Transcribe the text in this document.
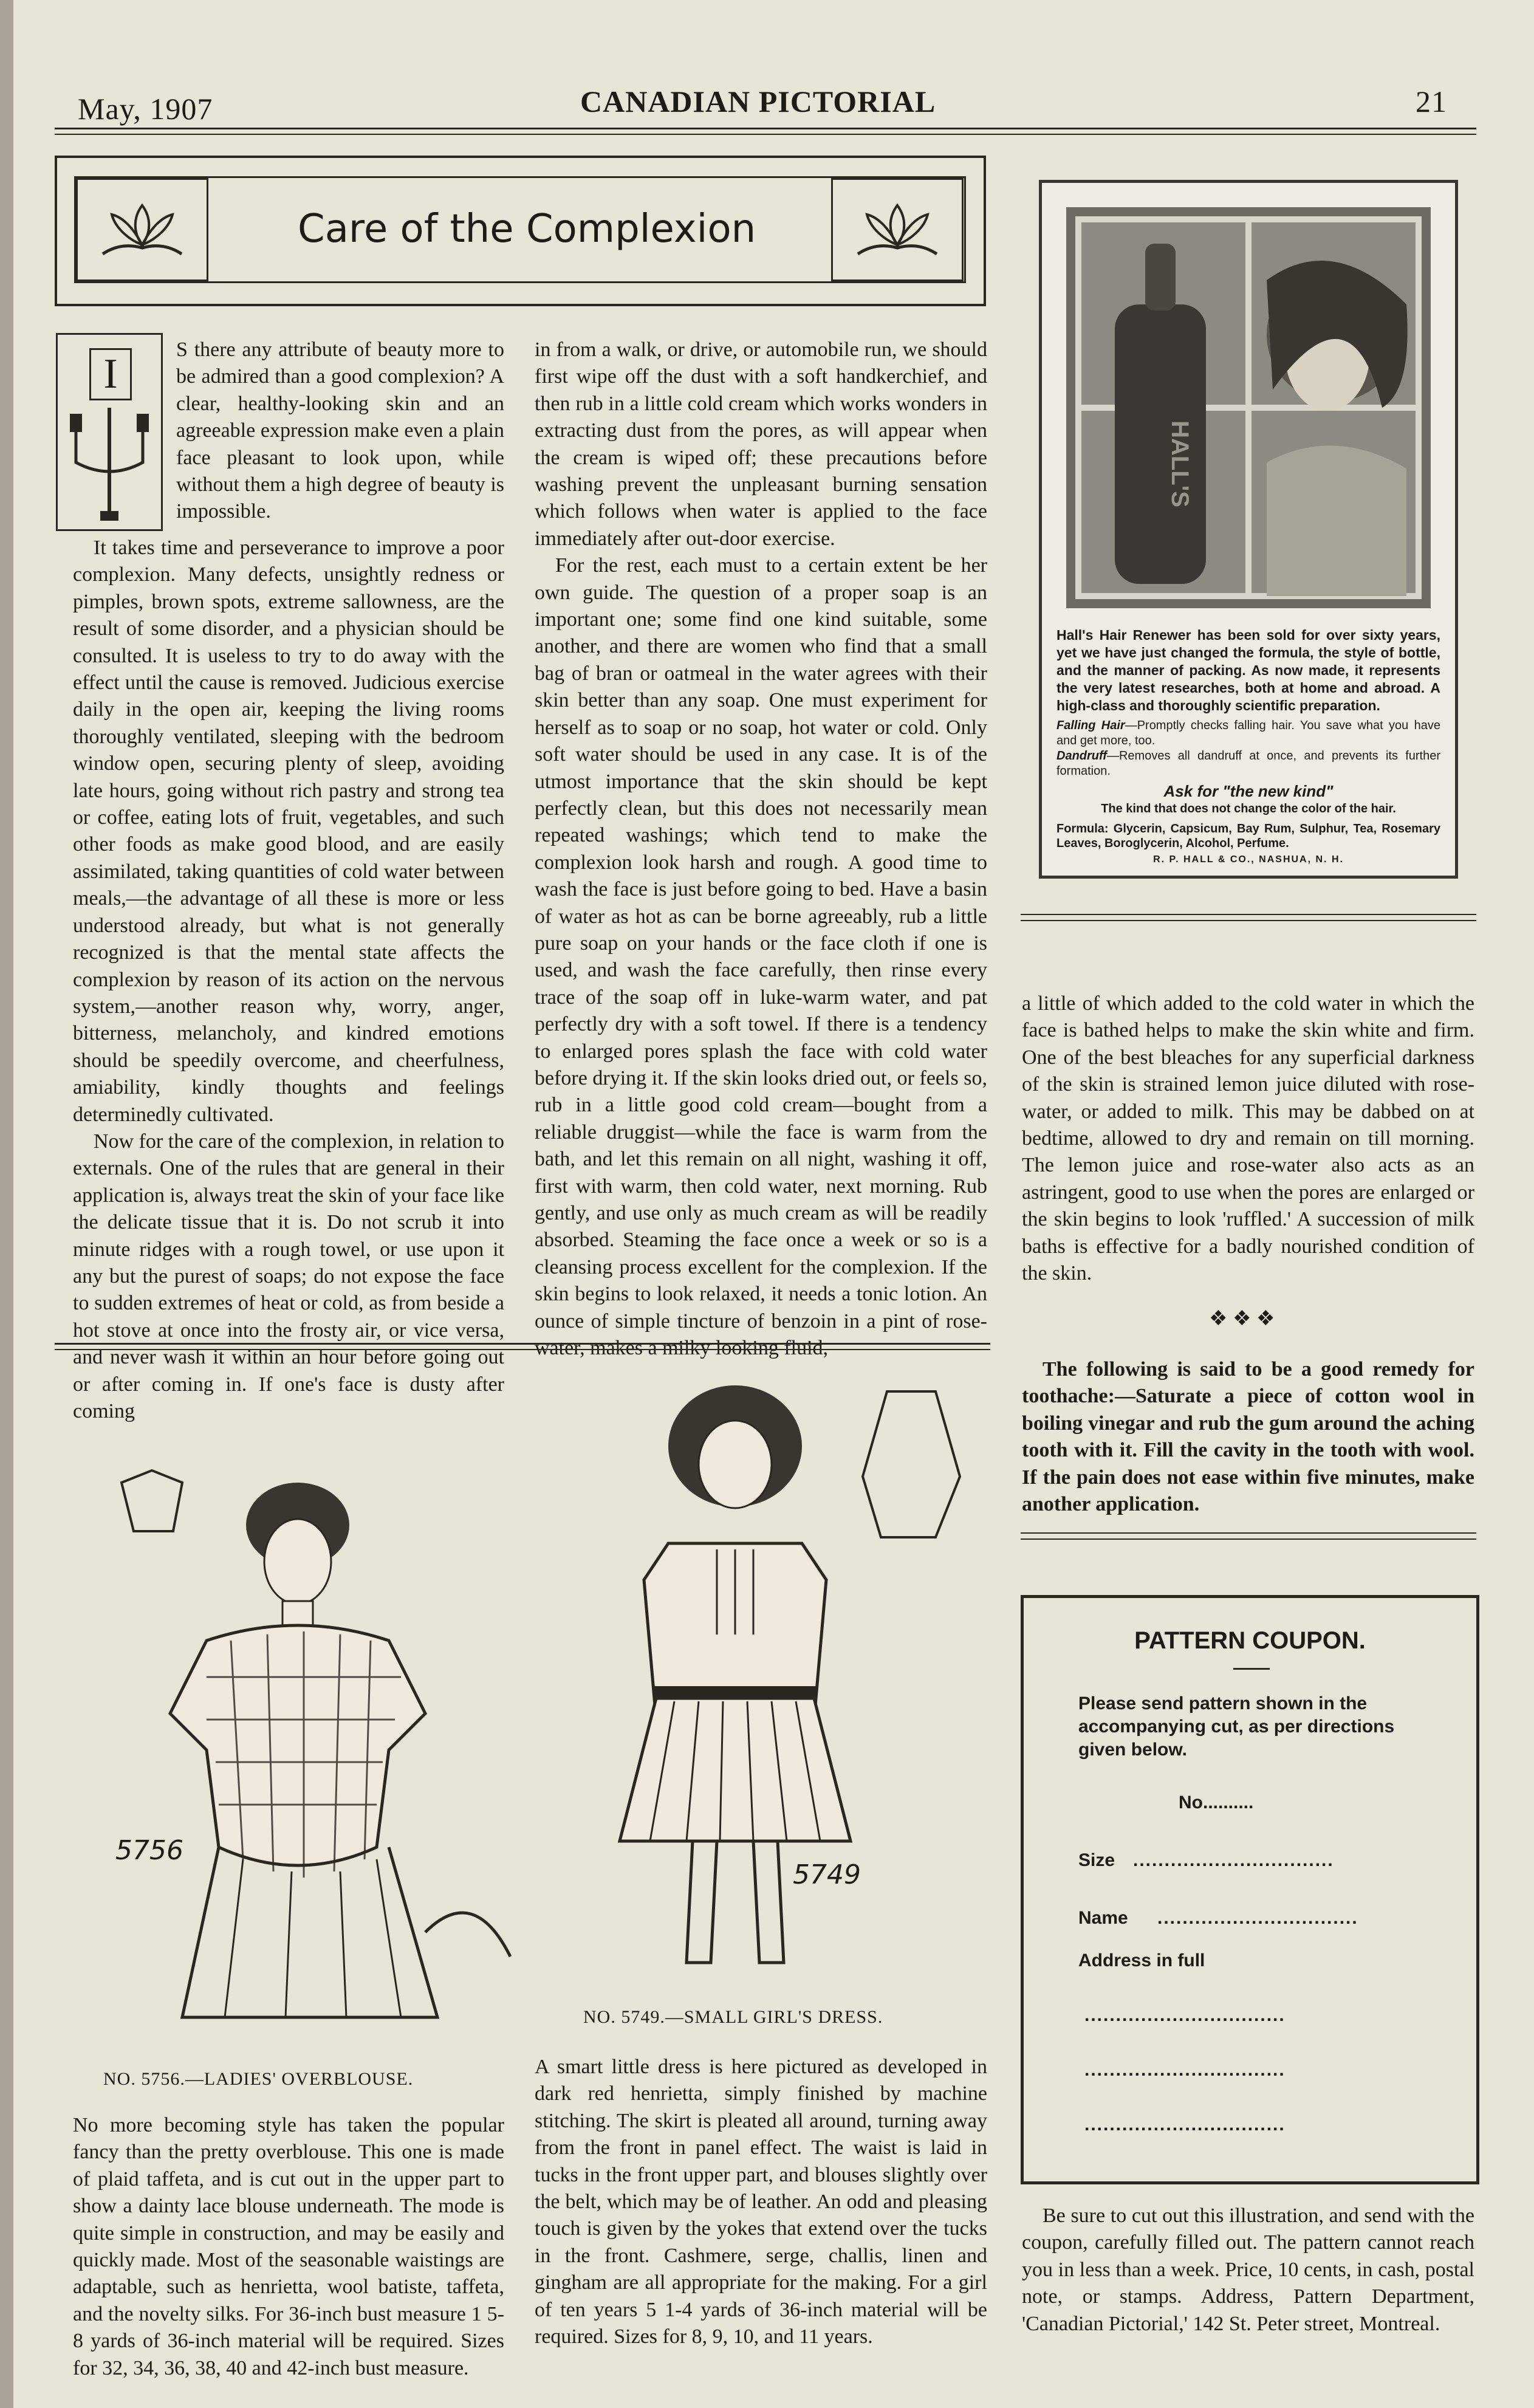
May, 1907	CANADIAN PICTORIAL	21
Care of the Complexion
I

S there any attribute of beauty more to be admired than a good complexion? A clear, healthy-looking skin and an agreeable expression make even a plain face pleasant to look upon, while without them a high degree of beauty is impossible.

It takes time and perseverance to improve a poor complexion. Many defects, unsightly redness or pimples, brown spots, extreme sallowness, are the result of some disorder, and a physician should be consulted. It is useless to try to do away with the effect until the cause is removed. Judicious exercise daily in the open air, keeping the living rooms thoroughly ventilated, sleeping with the bedroom window open, securing plenty of sleep, avoiding late hours, going without rich pastry and strong tea or coffee, eating lots of fruit, vegetables, and such other foods as make good blood, and are easily assimilated, taking quantities of cold water between meals,—the advantage of all these is more or less understood already, but what is not generally recognized is that the mental state affects the complexion by reason of its action on the nervous system,—another reason why, worry, anger, bitterness, melancholy, and kindred emotions should be speedily overcome, and cheerfulness, amiability, kindly thoughts and feelings determinedly cultivated.

Now for the care of the complexion, in relation to externals. One of the rules that are general in their application is, always treat the skin of your face like the delicate tissue that it is. Do not scrub it into minute ridges with a rough towel, or use upon it any but the purest of soaps; do not expose the face to sudden extremes of heat or cold, as from beside a hot stove at once into the frosty air, or vice versa, and never wash it within an hour before going out or after coming in. If one's face is dusty after coming

in from a walk, or drive, or automobile run, we should first wipe off the dust with a soft handkerchief, and then rub in a little cold cream which works wonders in extracting dust from the pores, as will appear when the cream is wiped off; these precautions before washing prevent the unpleasant burning sensation which follows when water is applied to the face immediately after out-door exercise.

For the rest, each must to a certain extent be her own guide. The question of a proper soap is an important one; some find one kind suitable, some another, and there are women who find that a small bag of bran or oatmeal in the water agrees with their skin better than any soap. One must experiment for herself as to soap or no soap, hot water or cold. Only soft water should be used in any case. It is of the utmost importance that the skin should be kept perfectly clean, but this does not necessarily mean repeated washings; which tend to make the complexion look harsh and rough. A good time to wash the face is just before going to bed. Have a basin of water as hot as can be borne agreeably, rub a little pure soap on your hands or the face cloth if one is used, and wash the face carefully, then rinse every trace of the soap off in luke-warm water, and pat perfectly dry with a soft towel. If there is a tendency to enlarged pores splash the face with cold water before drying it. If the skin looks dried out, or feels so, rub in a little good cold cream—bought from a reliable druggist—while the face is warm from the bath, and let this remain on all night, washing it off, first with warm, then cold water, next morning. Rub gently, and use only as much cream as will be readily absorbed. Steaming the face once a week or so is a cleansing process excellent for the complexion. If the skin begins to look relaxed, it needs a tonic lotion. An ounce of simple tincture of benzoin in a pint of rose-water, makes a milky looking fluid,

HALL'S
Hall's Hair Renewer has been sold for over sixty years, yet we have just changed the formula, the style of bottle, and the manner of packing. As now made, it represents the very latest researches, both at home and abroad. A high-class and thoroughly scientific preparation.
Falling Hair—Promptly checks falling hair. You save what you have and get more, too.
Dandruff—Removes all dandruff at once, and prevents its further formation.
Ask for "the new kind"
The kind that does not change the color of the hair.
Formula: Glycerin, Capsicum, Bay Rum, Sulphur, Tea, Rosemary Leaves, Boroglycerin, Alcohol, Perfume.
R. P. HALL & CO., NASHUA, N. H.

a little of which added to the cold water in which the face is bathed helps to make the skin white and firm. One of the best bleaches for any superficial darkness of the skin is strained lemon juice diluted with rose-water, or added to milk. This may be dabbed on at bedtime, allowed to dry and remain on till morning. The lemon juice and rose-water also acts as an astringent, good to use when the pores are enlarged or the skin begins to look 'ruffled.' A succession of milk baths is effective for a badly nourished condition of the skin.

❖ ❖ ❖

The following is said to be a good remedy for toothache:—Saturate a piece of cotton wool in boiling vinegar and rub the gum around the aching tooth with it. Fill the cavity in the tooth with wool. If the pain does not ease within five minutes, make another application.

5756
NO. 5756.—LADIES' OVERBLOUSE.

No more becoming style has taken the popular fancy than the pretty overblouse. This one is made of plaid taffeta, and is cut out in the upper part to show a dainty lace blouse underneath. The mode is quite simple in construction, and may be easily and quickly made. Most of the seasonable waistings are adaptable, such as henrietta, wool batiste, taffeta, and the novelty silks. For 36-inch bust measure 1 5-8 yards of 36-inch material will be required. Sizes for 32, 34, 36, 38, 40 and 42-inch bust measure.

5749
NO. 5749.—SMALL GIRL'S DRESS.

A smart little dress is here pictured as developed in dark red henrietta, simply finished by machine stitching. The skirt is pleated all around, turning away from the front in panel effect. The waist is laid in tucks in the front upper part, and blouses slightly over the belt, which may be of leather. An odd and pleasing touch is given by the yokes that extend over the tucks in the front. Cashmere, serge, challis, linen and gingham are all appropriate for the making. For a girl of ten years 5 1-4 yards of 36-inch material will be required. Sizes for 8, 9, 10, and 11 years.

PATTERN COUPON.
Please send pattern shown in the accompanying cut, as per directions given below.
No..........
Size ................................
Name ................................
Address in full
................................
................................
................................

Be sure to cut out this illustration, and send with the coupon, carefully filled out. The pattern cannot reach you in less than a week. Price, 10 cents, in cash, postal note, or stamps. Address, Pattern Department, 'Canadian Pictorial,' 142 St. Peter street, Montreal.
